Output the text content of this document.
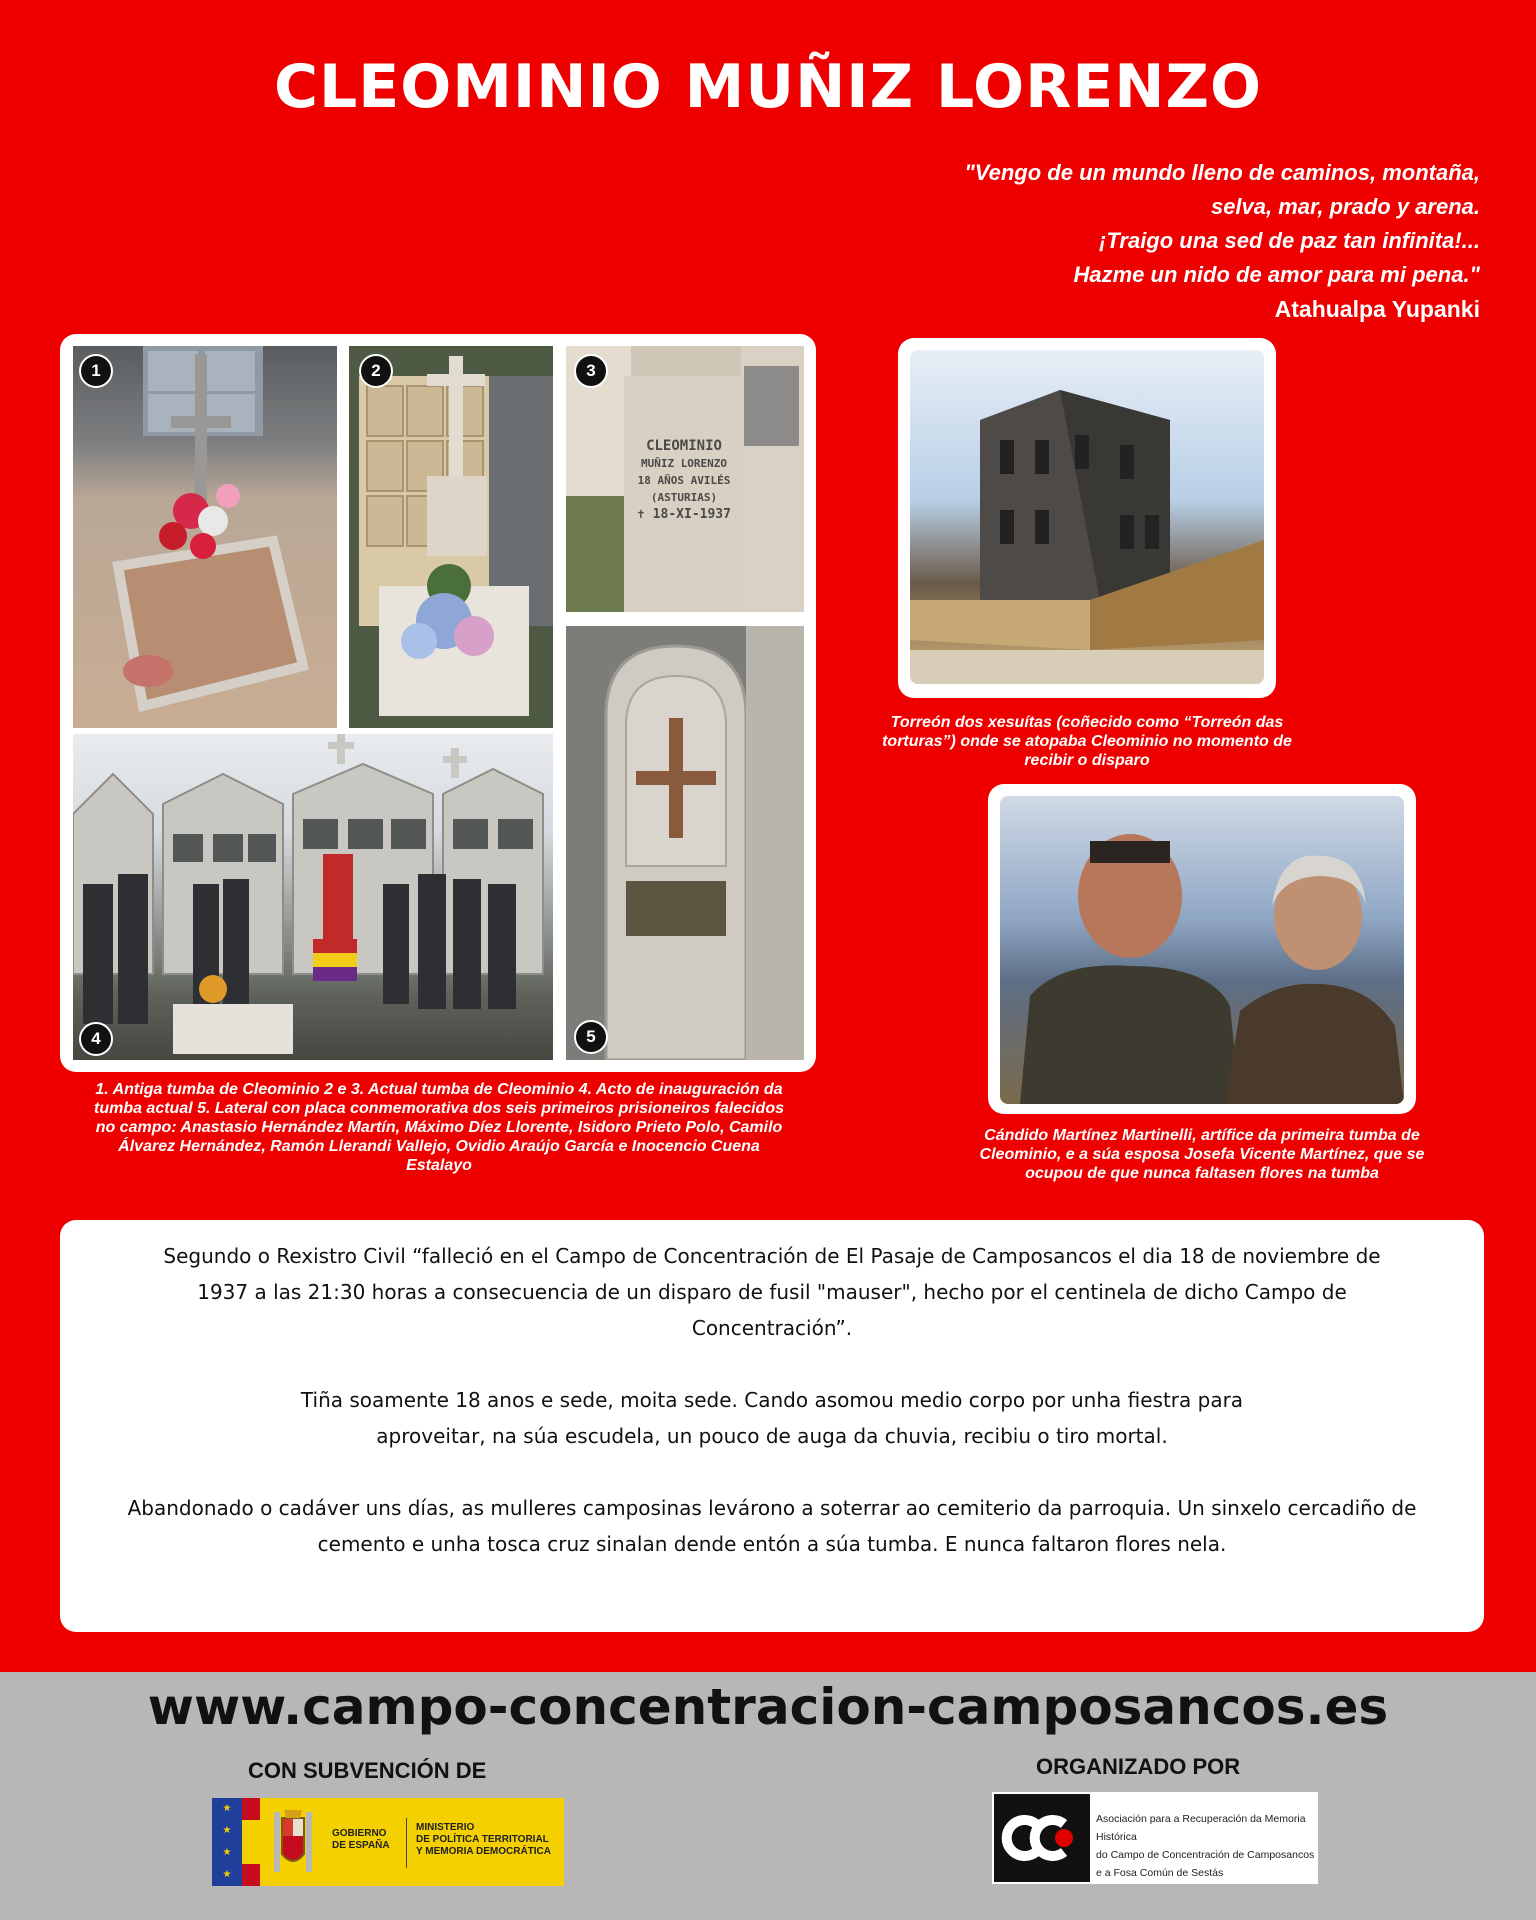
CLEOMINIO MUÑIZ LORENZO
"Vengo de un mundo lleno de caminos, montaña,
selva, mar, prado y arena.
¡Traigo una sed de paz tan infinita!...
Hazme un nido de amor para mi pena."
Atahualpa Yupanki
1	2
CLEOMINIO
MUÑIZ LORENZO
18 AÑOS AVILÉS
(ASTURIAS)
✝ 18-XI-1937
3
4	5
1. Antiga tumba de Cleominio 2 e 3. Actual tumba de Cleominio 4. Acto de inauguración da tumba actual 5. Lateral con placa conmemorativa dos seis primeiros prisioneiros falecidos no campo: Anastasio Hernández Martín, Máximo Díez Llorente, Isidoro Prieto Polo, Camilo Álvarez Hernández, Ramón Llerandi Vallejo, Ovidio Araújo García e Inocencio Cuena Estalayo
Torreón dos xesuítas (coñecido como “Torreón das torturas”) onde se atopaba Cleominio no momento de recibir o disparo
Cándido Martínez Martinelli, artífice da primeira tumba de Cleominio, e a súa esposa Josefa Vicente Martínez, que se ocupou de que nunca faltasen flores na tumba

Segundo o Rexistro Civil “falleció en el Campo de Concentración de El Pasaje de Camposancos el dia 18 de noviembre de 1937 a las 21:30 horas a consecuencia de un disparo de fusil "mauser", hecho por el centinela de dicho Campo de Concentración”.

Tiña soamente 18 anos e sede, moita sede. Cando asomou medio corpo por unha fiestra para aproveitar, na súa escudela, un pouco de auga da chuvia, recibiu o tiro mortal.

Abandonado o cadáver uns días, as mulleres camposinas levárono a soterrar ao cemiterio da parroquia. Un sinxelo cercadiño de cemento e unha tosca cruz sinalan dende entón a súa tumba. E nunca faltaron flores nela.

www.campo-concentracion-camposancos.es
CON SUBVENCIÓN DE	ORGANIZADO POR
★
★
★
★
GOBIERNO
DE ESPAÑA
MINISTERIO
DE POLÍTICA TERRITORIAL
Y MEMORIA DEMOCRÁTICA
Asociación para a Recuperación da Memoria Histórica
do Campo de Concentración de Camposancos
e a Fosa Común de Sestás
